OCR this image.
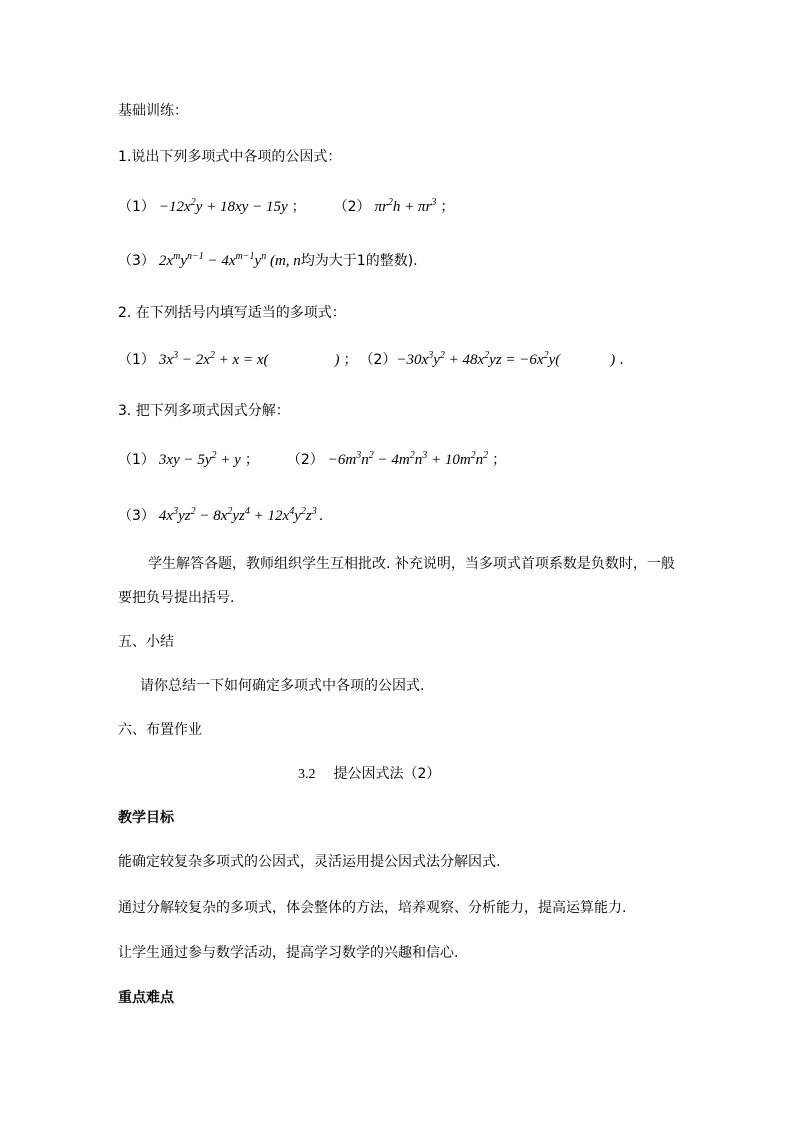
基础训练：
1.说出下列多项式中各项的公因式：
$(1) -12x^2y + 18xy - 15y$ ； （2） $\pi r^2h + \pi r^3$ ；
（3） $2x^my^{n-1} - 4x^{m-1}y^n$ (m, n均为大于1的整数).
2. 在下列括号内填写适当的多项式：
（1） $3x^3 - 2x^2 + x = x$(	) ； $(2)-30x^3y^2 + 48x^2yz = -6x^2y$(	) .
3. 把下列多项式因式分解：
（1） $3xy - 5y^2 + y$ ； $(2) -6m^3n^2 - 4m^2n^3 + 10m^2n^2$ ；
（3） $4x^3yz^2 - 8x^2yz^4 + 12x^4y^2z^3$ .
学生解答各题，教师组织学生互相批改. 补充说明，当多项式首项系数是负数时，一般要把负号提出括号.
五、小结
请你总结一下如何确定多项式中各项的公因式.
六、布置作业
3.2 提公因式法（2）
教学目标
能确定较复杂多项式的公因式，灵活运用提公因式法分解因式.
通过分解较复杂的多项式，体会整体的方法，培养观察、分析能力，提高运算能力.
让学生通过参与数学活动，提高学习数学的兴趣和信心.
重点难点
